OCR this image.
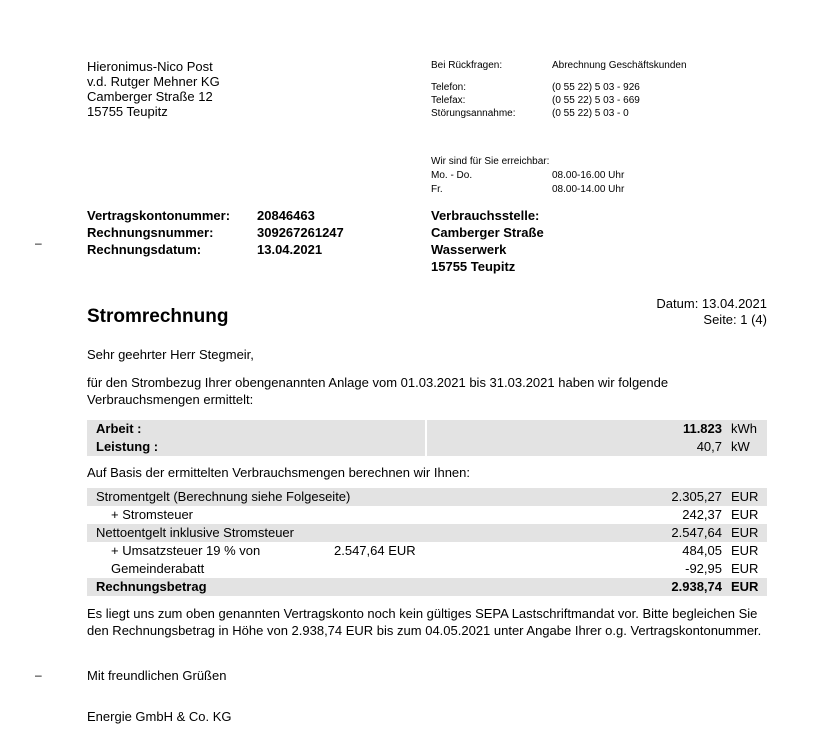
Hieronimus-Nico Post
v.d. Rutger Mehner KG
Camberger Straße 12
15755 Teupitz
Bei Rückfragen:	Abrechnung Geschäftskunden
Telefon:	(0 55 22) 5 03 - 926
Telefax:	(0 55 22) 5 03 - 669
Störungsannahme:	(0 55 22) 5 03 - 0
Wir sind für Sie erreichbar:
Mo. - Do.	08.00-16.00 Uhr
Fr.	08.00-14.00 Uhr
Vertragskontonummer: 20846463
Rechnungsnummer:	309267261247
Rechnungsdatum:	13.04.2021
Verbrauchsstelle:
Camberger Straße
Wasserwerk
15755 Teupitz
–
–
Datum: 13.04.2021
Seite: 1 (4)
Stromrechnung
Sehr geehrter Herr Stegmeir,
für den Strombezug Ihrer obengenannten Anlage vom 01.03.2021 bis 31.03.2021 haben wir folgende Verbrauchsmengen ermittelt:
Arbeit :	11.823 kWh
Leistung :	40,7 kW
Auf Basis der ermittelten Verbrauchsmengen berechnen wir Ihnen:
Stromentgelt (Berechnung siehe Folgeseite)	2.305,27 EUR
+ Stromsteuer	242,37 EUR
Nettoentgelt inklusive Stromsteuer	2.547,64 EUR
+ Umsatzsteuer 19 % von	2.547,64 EUR	484,05 EUR
Gemeinderabatt	-92,95 EUR
Rechnungsbetrag	2.938,74 EUR
Es liegt uns zum oben genannten Vertragskonto noch kein gültiges SEPA Lastschriftmandat vor. Bitte begleichen Sie den Rechnungsbetrag in Höhe von 2.938,74 EUR bis zum 04.05.2021 unter Angabe Ihrer o.g. Vertragskontonummer.
Mit freundlichen Grüßen
Energie GmbH & Co. KG
